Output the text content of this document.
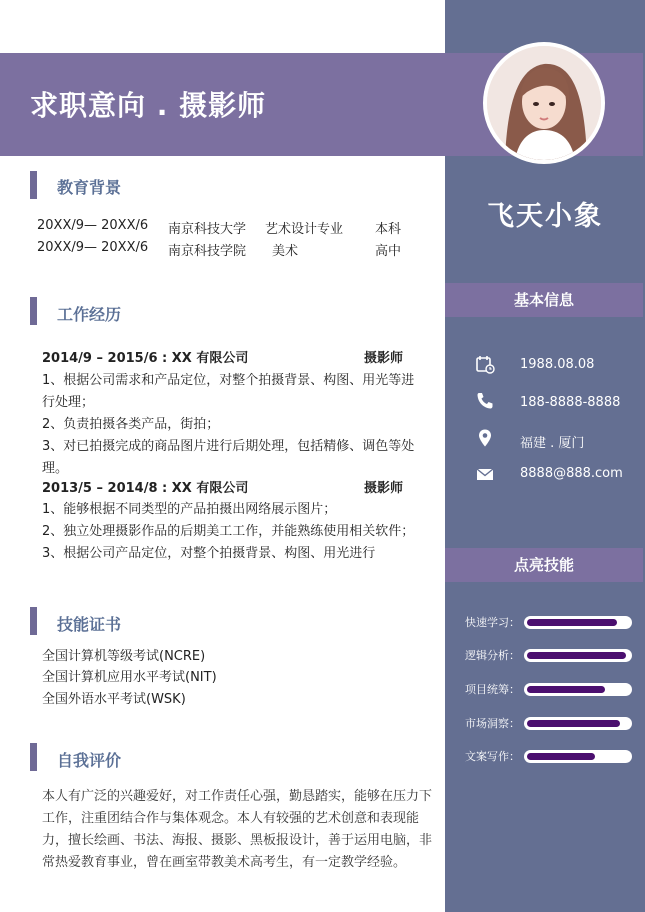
求职意向 . 摄影师
飞天小象
基本信息
1988.08.08
188-8888-8888
福建 . 厦门
8888@888.com
点亮技能
快速学习：
逻辑分析：
项目统筹：
市场洞察：
文案写作：
教育背景
20XX/9— 20XX/6 南京科技大学 艺术设计专业 本科
20XX/9— 20XX/6 南京科技学院 美术	高中
工作经历
2014/9 – 2015/6 : XX 有限公司	摄影师
1、根据公司需求和产品定位，对整个拍摄背景、构图、用光等进
行处理；
2、负责拍摄各类产品，街拍；
3、对已拍摄完成的商品图片进行后期处理，包括精修、调色等处
理。
2013/5 – 2014/8 : XX 有限公司	摄影师
1、能够根据不同类型的产品拍摄出网络展示图片；
2、独立处理摄影作品的后期美工工作，并能熟练使用相关软件；
3、根据公司产品定位，对整个拍摄背景、构图、用光进行
技能证书
全国计算机等级考试(NCRE)
全国计算机应用水平考试(NIT)
全国外语水平考试(WSK)
自我评价
本人有广泛的兴趣爱好，对工作责任心强，勤恳踏实，能够在压力下工作，注重团结合作与集体观念。本人有较强的艺术创意和表现能力，擅长绘画、书法、海报、摄影、黑板报设计，善于运用电脑，非常热爱教育事业，曾在画室带教美术高考生，有一定教学经验。
